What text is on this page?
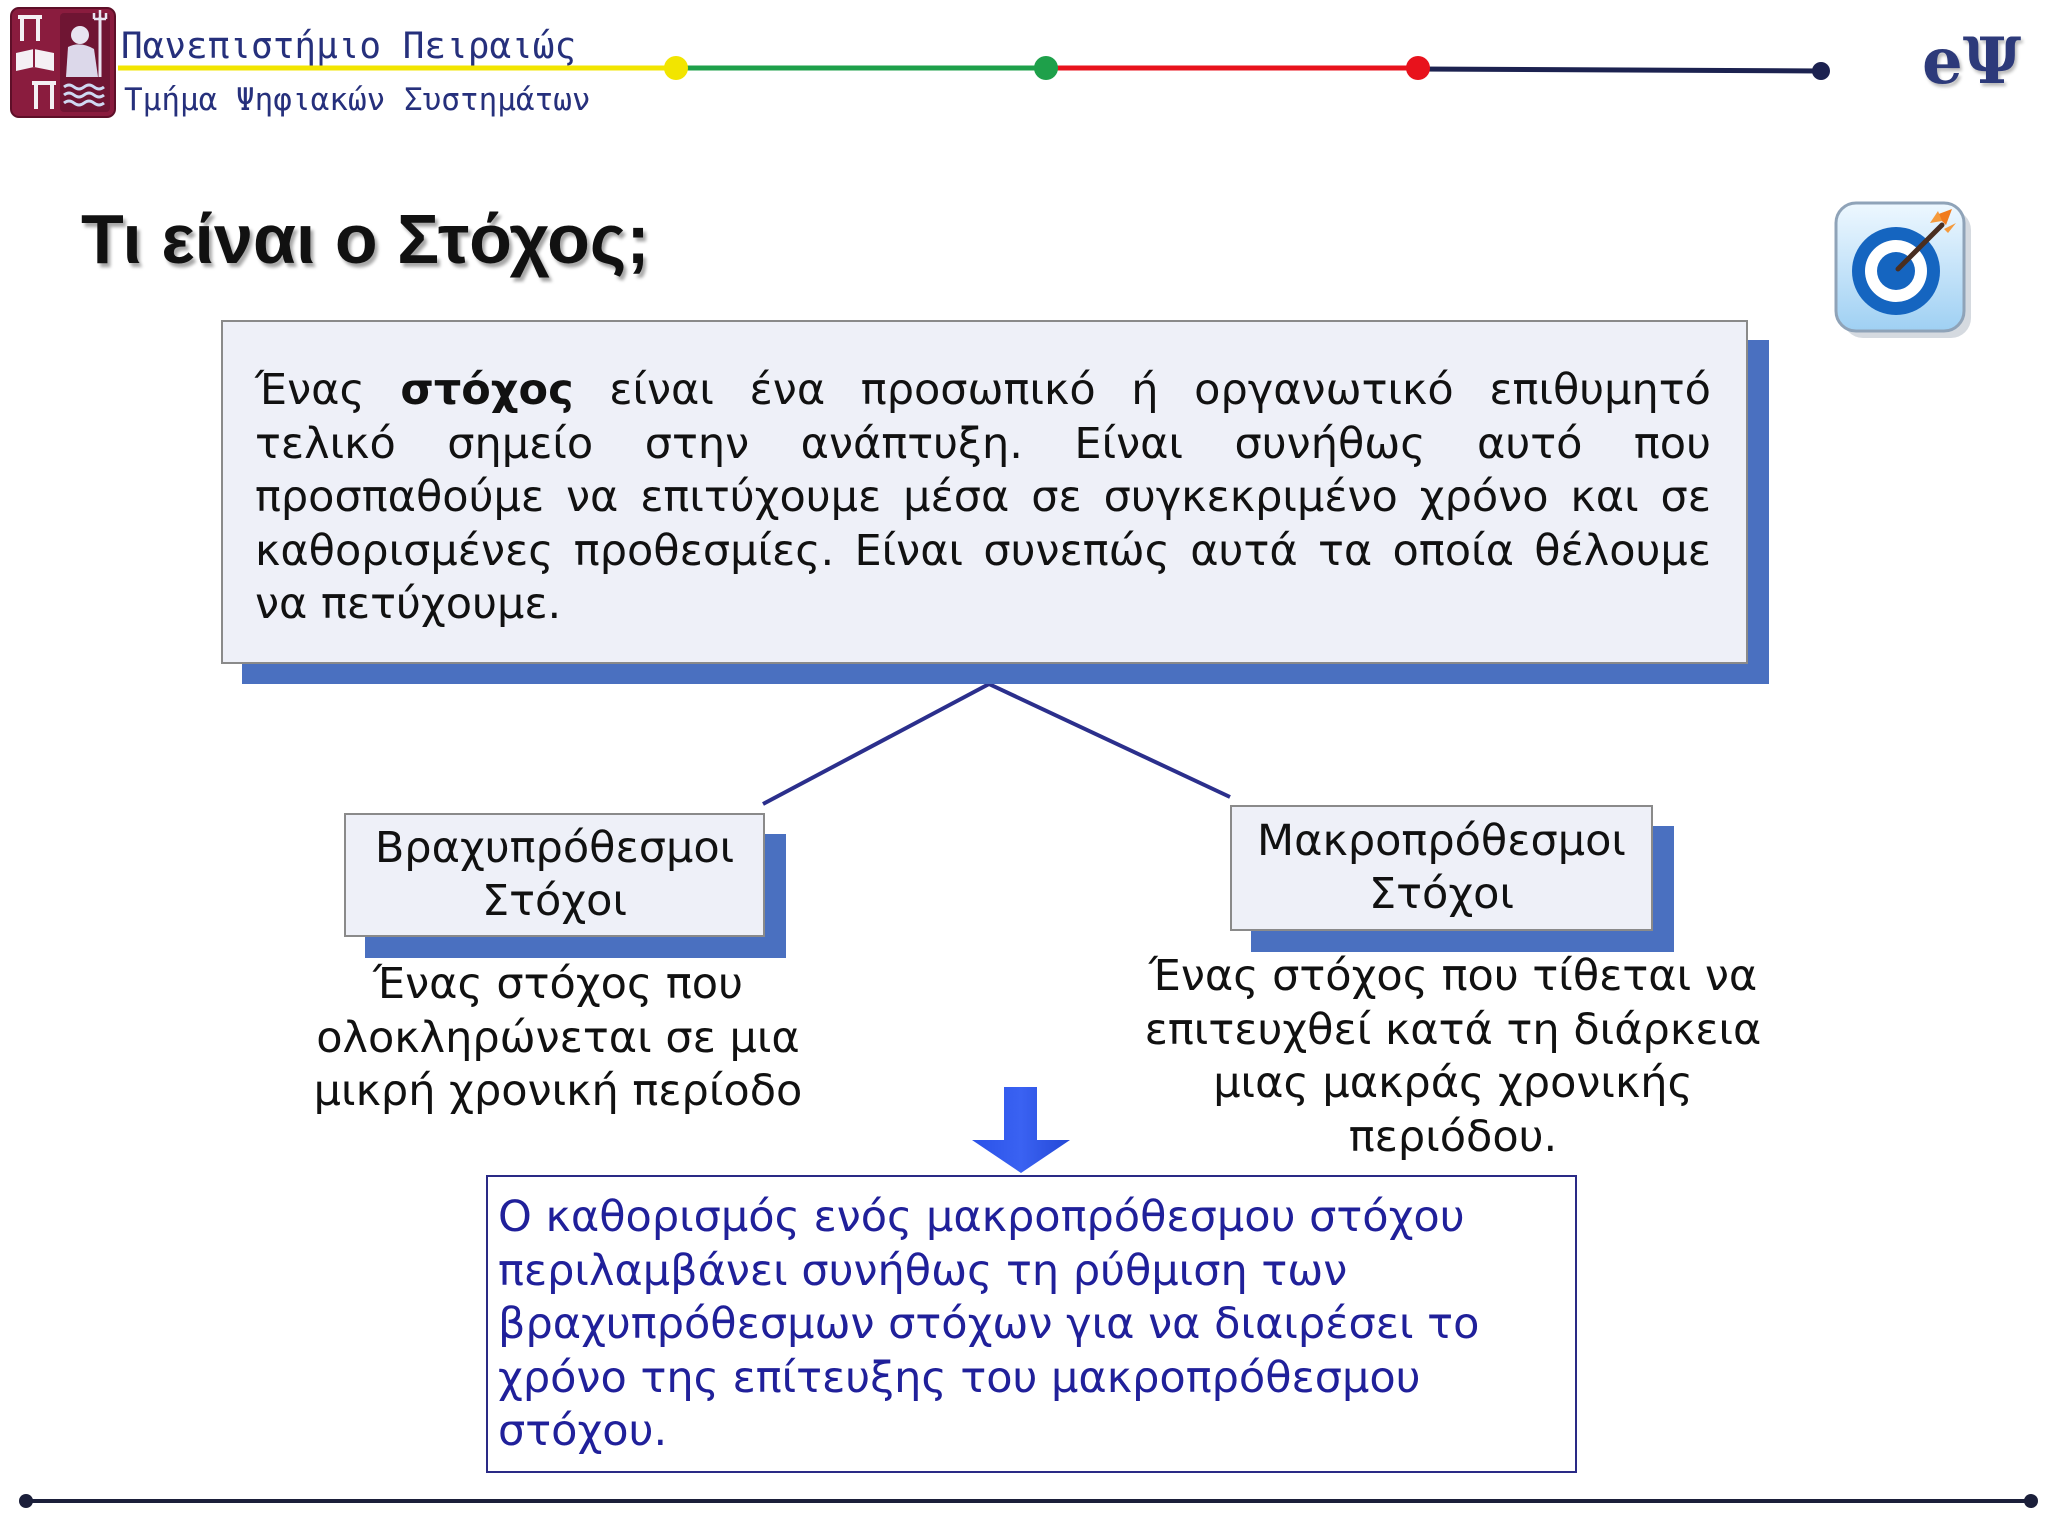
Πανεπιστήμιο Πειραιώς
Τμήμα Ψηφιακών Συστημάτων
eΨ
Τι είναι ο Στόχος;
Ένας στόχος είναι ένα προσωπικό ή οργανωτικό επιθυμητό
τελικό σημείο στην ανάπτυξη. Είναι συνήθως αυτό που
προσπαθούμε να επιτύχουμε μέσα σε συγκεκριμένο χρόνο και σε
καθορισμένες προθεσμίες. Είναι συνεπώς αυτά τα οποία θέλουμε
να πετύχουμε.
Βραχυπρόθεσμοι
Στόχοι
Ένας στόχος που
ολοκληρώνεται σε μια
μικρή χρονική περίοδο
Μακροπρόθεσμοι
Στόχοι
Ένας στόχος που τίθεται να
επιτευχθεί κατά τη διάρκεια
μιας μακράς χρονικής
περιόδου.
Ο καθορισμός ενός μακροπρόθεσμου στόχου
περιλαμβάνει συνήθως τη ρύθμιση των
βραχυπρόθεσμων στόχων για να διαιρέσει το
χρόνο της επίτευξης του μακροπρόθεσμου
στόχου.
